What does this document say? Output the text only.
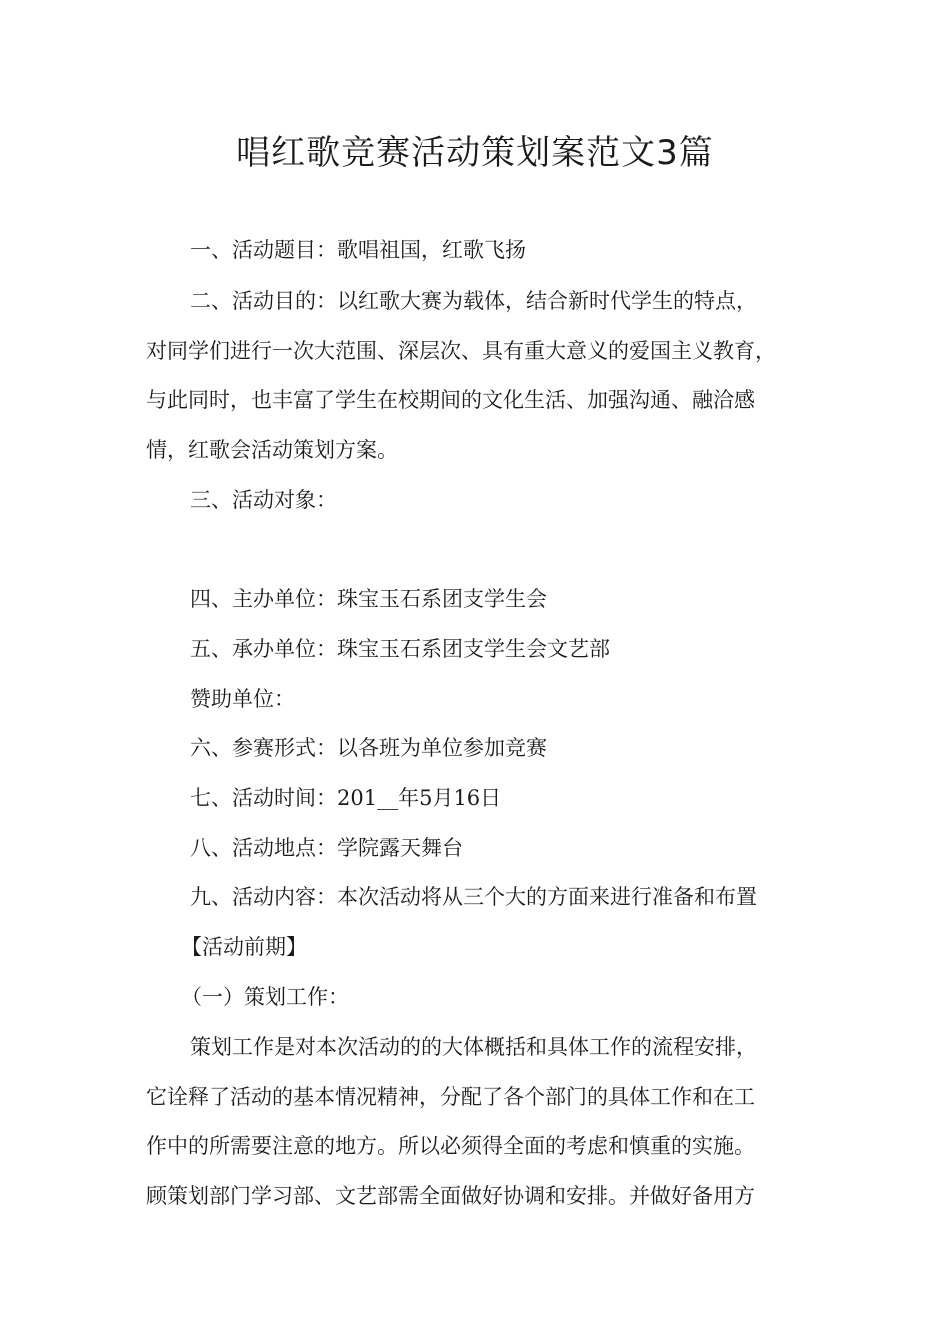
唱红歌竞赛活动策划案范文3篇

一、活动题目：歌唱祖国，红歌飞扬

二、活动目的：以红歌大赛为载体，结合新时代学生的特点，

对同学们进行一次大范围、深层次、具有重大意义的爱国主义教育，

与此同时，也丰富了学生在校期间的文化生活、加强沟通、融洽感

情，红歌会活动策划方案。

三、活动对象：

四、主办单位：珠宝玉石系团支学生会

五、承办单位：珠宝玉石系团支学生会文艺部

赞助单位：

六、参赛形式：以各班为单位参加竞赛

七、活动时间：201__年5月16日

八、活动地点：学院露天舞台

九、活动内容：本次活动将从三个大的方面来进行准备和布置

【活动前期】

（一）策划工作：

策划工作是对本次活动的的大体概括和具体工作的流程安排，

它诠释了活动的基本情况精神，分配了各个部门的具体工作和在工

作中的所需要注意的地方。所以必须得全面的考虑和慎重的实施。

顾策划部门学习部、文艺部需全面做好协调和安排。并做好备用方
